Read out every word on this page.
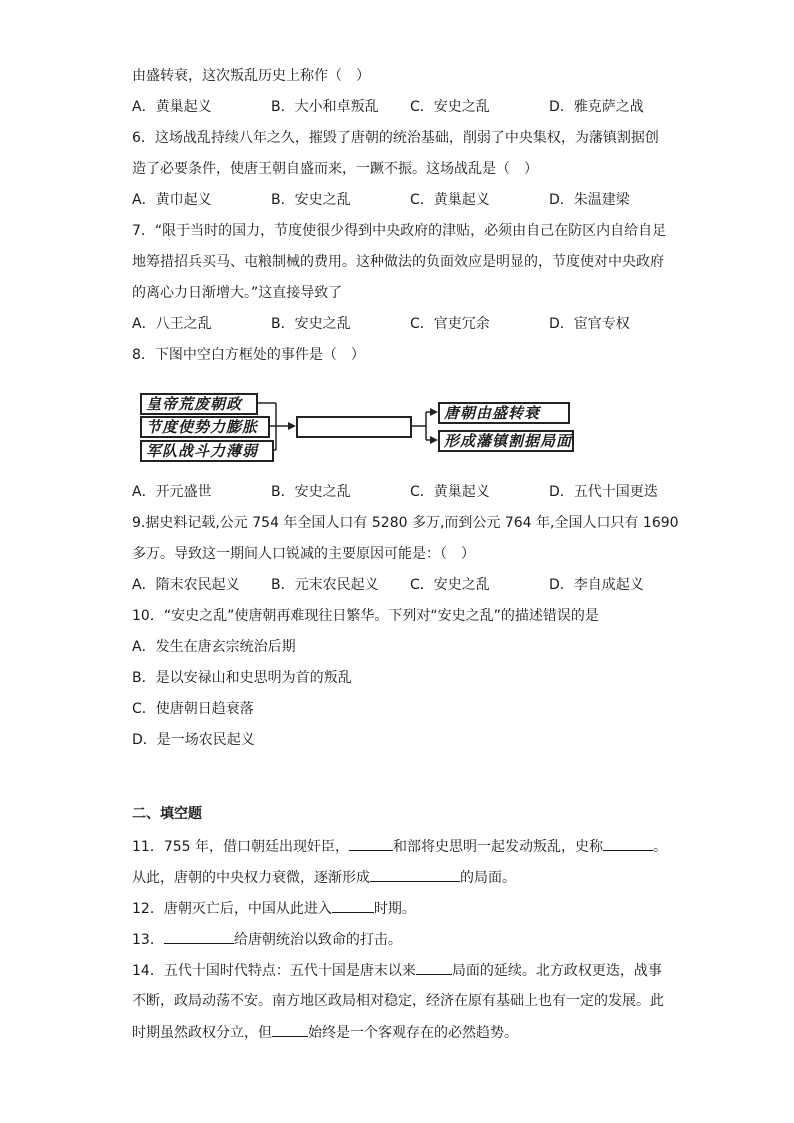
由盛转衰，这次叛乱历史上称作（　）
A．黄巢起义	B．大小和卓叛乱 C．安史之乱	D．雅克萨之战
6．这场战乱持续八年之久，摧毁了唐朝的统治基础，削弱了中央集权，为藩镇割据创
造了必要条件，使唐王朝自盛而来，一蹶不振。这场战乱是（　）
A．黄巾起义	B．安史之乱	C．黄巢起义	D．朱温建梁
7．“限于当时的国力，节度使很少得到中央政府的津贴，必须由自己在防区内自给自足
地筹措招兵买马、屯粮制械的费用。这种做法的负面效应是明显的，节度使对中央政府
的离心力日渐增大。”这直接导致了
A．八王之乱	B．安史之乱	C．官吏冗余	D．宦官专权
8．下图中空白方框处的事件是（　）
皇帝荒废朝政
节度使势力膨胀
军队战斗力薄弱
唐朝由盛转衰
形成藩镇割据局面
A．开元盛世	B．安史之乱	C．黄巢起义	D．五代十国更迭
9.据史料记载,公元 754 年全国人口有 5280 多万,而到公元 764 年,全国人口只有 1690
多万。导致这一期间人口锐减的主要原因可能是：（　）
A．隋末农民起义 B．元末农民起义 C．安史之乱	D．李自成起义
10．“安史之乱”使唐朝再难现往日繁华。下列对“安史之乱”的描述错误的是
A．发生在唐玄宗统治后期
B．是以安禄山和史思明为首的叛乱
C．使唐朝日趋衰落
D．是一场农民起义
二、填空题
11．755 年，借口朝廷出现奸臣，	和部将史思明一起发动叛乱，史称	。
从此，唐朝的中央权力衰微，逐渐形成	的局面。
12．唐朝灭亡后，中国从此进入	时期。
13．	给唐朝统治以致命的打击。
14．五代十国时代特点：五代十国是唐末以来	局面的延续。北方政权更迭，战事
不断，政局动荡不安。南方地区政局相对稳定，经济在原有基础上也有一定的发展。此
时期虽然政权分立，但	始终是一个客观存在的必然趋势。
